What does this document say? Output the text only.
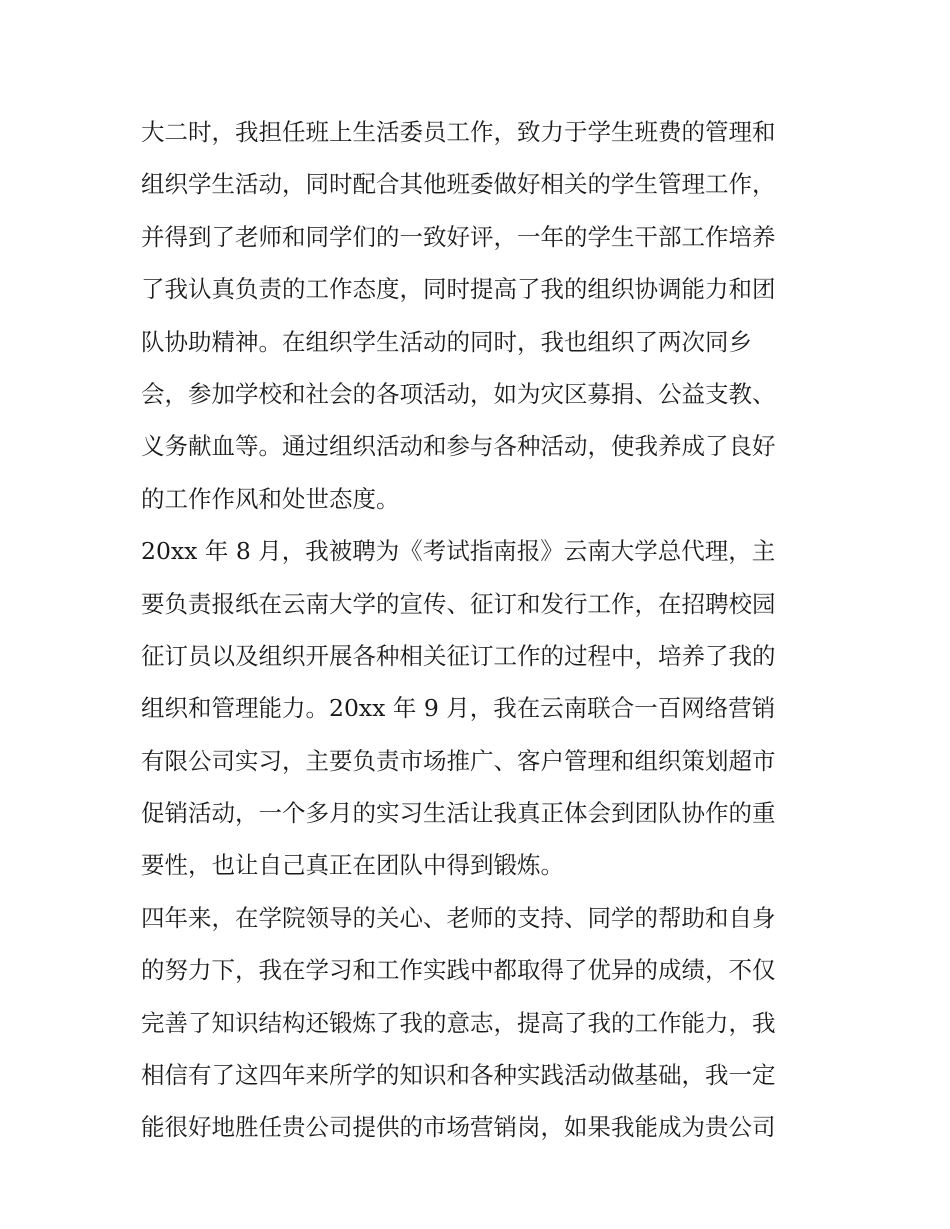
大二时，我担任班上生活委员工作，致力于学生班费的管理和
组织学生活动，同时配合其他班委做好相关的学生管理工作，
并得到了老师和同学们的一致好评，一年的学生干部工作培养
了我认真负责的工作态度，同时提高了我的组织协调能力和团
队协助精神。在组织学生活动的同时，我也组织了两次同乡
会，参加学校和社会的各项活动，如为灾区募捐、公益支教、
义务献血等。通过组织活动和参与各种活动，使我养成了良好
的工作作风和处世态度。
20xx 年 8 月，我被聘为《考试指南报》云南大学总代理，主
要负责报纸在云南大学的宣传、征订和发行工作，在招聘校园
征订员以及组织开展各种相关征订工作的过程中，培养了我的
组织和管理能力。20xx 年 9 月，我在云南联合一百网络营销
有限公司实习，主要负责市场推广、客户管理和组织策划超市
促销活动，一个多月的实习生活让我真正体会到团队协作的重
要性，也让自己真正在团队中得到锻炼。
四年来，在学院领导的关心、老师的支持、同学的帮助和自身
的努力下，我在学习和工作实践中都取得了优异的成绩，不仅
完善了知识结构还锻炼了我的意志，提高了我的工作能力，我
相信有了这四年来所学的知识和各种实践活动做基础，我一定
能很好地胜任贵公司提供的市场营销岗，如果我能成为贵公司
